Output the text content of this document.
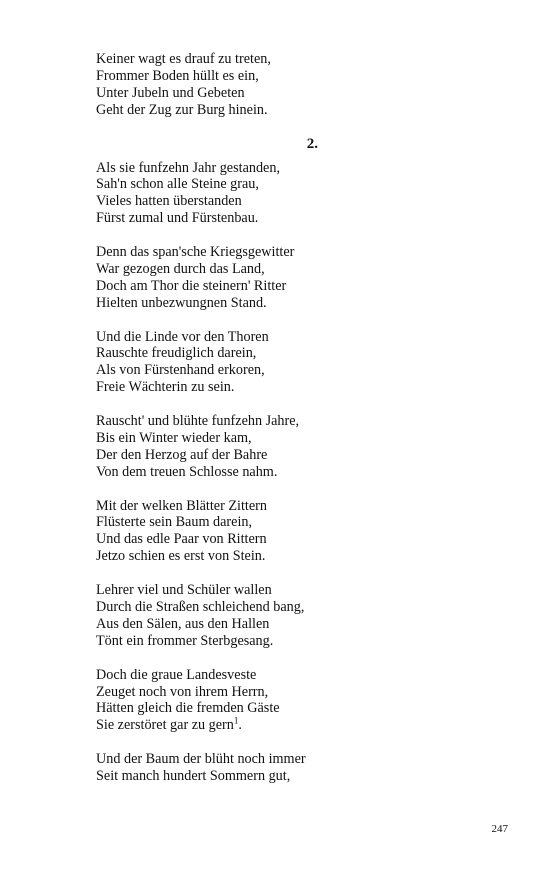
Keiner wagt es drauf zu treten,
Frommer Boden hüllt es ein,
Unter Jubeln und Gebeten
Geht der Zug zur Burg hinein.
2.
Als sie funfzehn Jahr gestanden,
Sah'n schon alle Steine grau,
Vieles hatten überstanden
Fürst zumal und Fürstenbau.
Denn das span'sche Kriegsgewitter
War gezogen durch das Land,
Doch am Thor die steinern' Ritter
Hielten unbezwungnen Stand.
Und die Linde vor den Thoren
Rauschte freudiglich darein,
Als von Fürstenhand erkoren,
Freie Wächterin zu sein.
Rauscht' und blühte funfzehn Jahre,
Bis ein Winter wieder kam,
Der den Herzog auf der Bahre
Von dem treuen Schlosse nahm.
Mit der welken Blätter Zittern
Flüsterte sein Baum darein,
Und das edle Paar von Rittern
Jetzo schien es erst von Stein.
Lehrer viel und Schüler wallen
Durch die Straßen schleichend bang,
Aus den Sälen, aus den Hallen
Tönt ein frommer Sterbgesang.
Doch die graue Landesveste
Zeuget noch von ihrem Herrn,
Hätten gleich die fremden Gäste
Sie zerstöret gar zu gern$^1$.
Und der Baum der blüht noch immer
Seit manch hundert Sommern gut,
247
